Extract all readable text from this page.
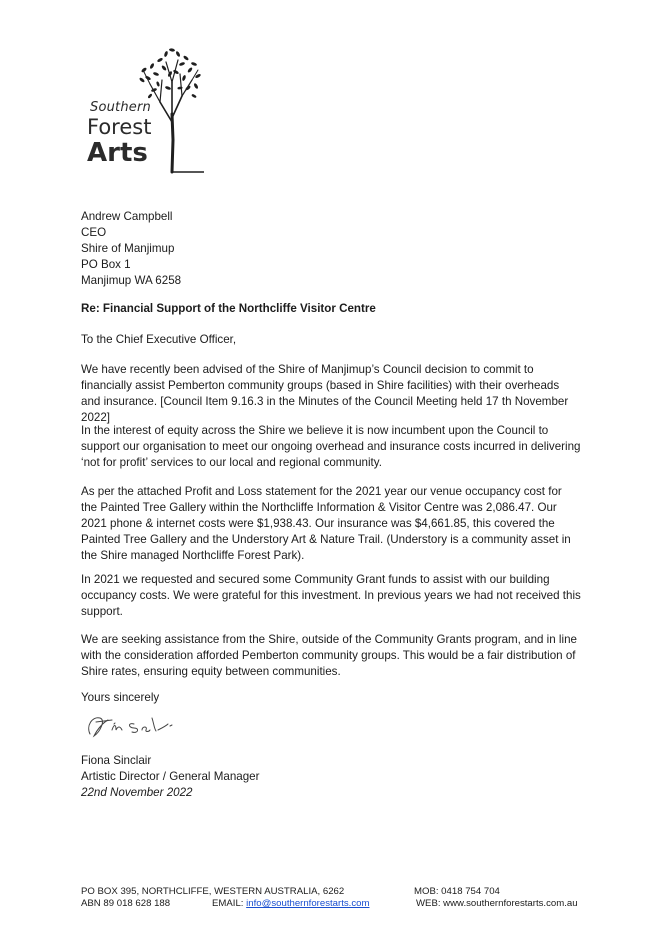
Southern
Forest
Arts
Andrew Campbell
CEO
Shire of Manjimup
PO Box 1
Manjimup WA 6258
Re: Financial Support of the Northcliffe Visitor Centre
To the Chief Executive Officer,

We have recently been advised of the Shire of Manjimup’s Council decision to commit to financially assist Pemberton community groups (based in Shire facilities) with their overheads and insurance. [Council Item 9.16.3 in the Minutes of the Council Meeting held 17 th November 2022]

In the interest of equity across the Shire we believe it is now incumbent upon the Council to support our organisation to meet our ongoing overhead and insurance costs incurred in delivering ‘not for profit’ services to our local and regional community.

As per the attached Profit and Loss statement for the 2021 year our venue occupancy cost for the Painted Tree Gallery within the Northcliffe Information & Visitor Centre was 2,086.47. Our 2021 phone & internet costs were $1,938.43. Our insurance was $4,661.85, this covered the Painted Tree Gallery and the Understory Art & Nature Trail. (Understory is a community asset in the Shire managed Northcliffe Forest Park).

In 2021 we requested and secured some Community Grant funds to assist with our building occupancy costs. We were grateful for this investment. In previous years we had not received this support.

We are seeking assistance from the Shire, outside of the Community Grants program, and in line with the consideration afforded Pemberton community groups. This would be a fair distribution of Shire rates, ensuring equity between communities.

Yours sincerely
Fiona Sinclair
Artistic Director / General Manager
22nd November 2022
PO BOX 395, NORTHCLIFFE, WESTERN AUSTRALIA, 6262	MOB: 0418 754 704
ABN 89 018 628 188	EMAIL: info@southernforestarts.com	WEB: www.southernforestarts.com.au
